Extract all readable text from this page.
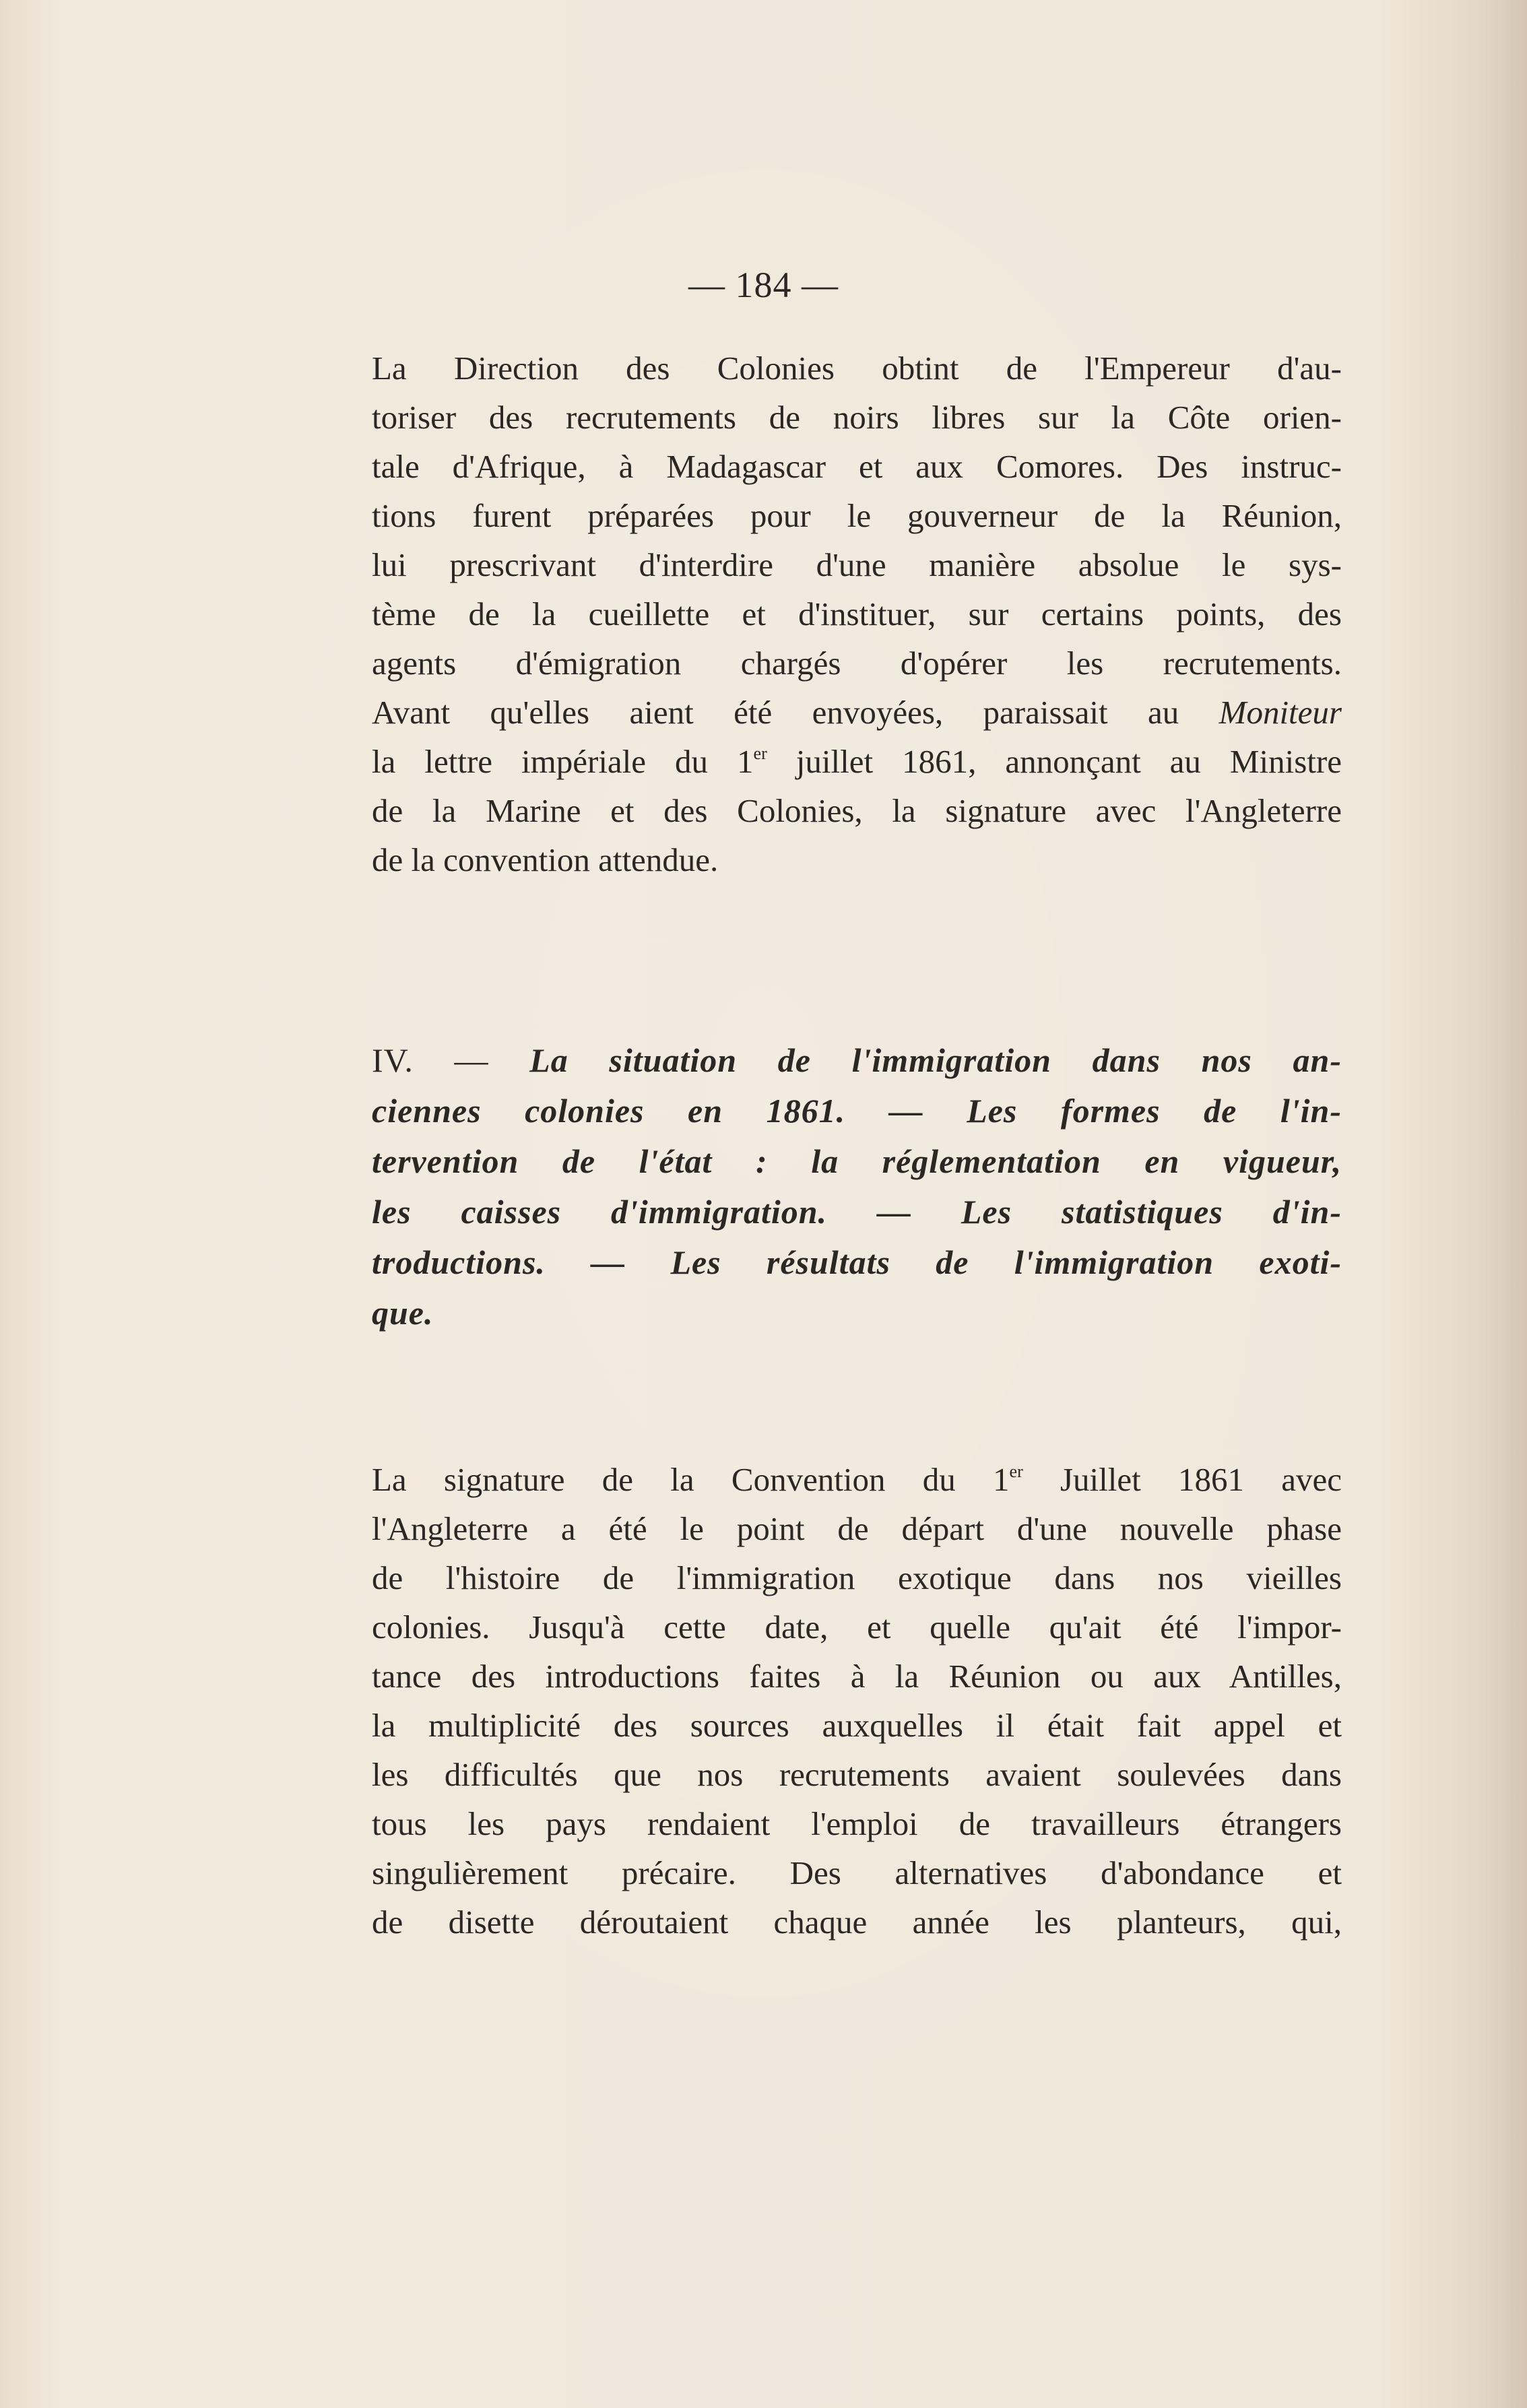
— 184 —
La Direction des Colonies obtint de l'Empereur d'au-
toriser des recrutements de noirs libres sur la Côte orien-
tale d'Afrique, à Madagascar et aux Comores. Des instruc-
tions furent préparées pour le gouverneur de la Réunion,
lui prescrivant d'interdire d'une manière absolue le sys-
tème de la cueillette et d'instituer, sur certains points, des
agents d'émigration chargés d'opérer les recrutements.
Avant qu'elles aient été envoyées, paraissait au Moniteur
la lettre impériale du 1er juillet 1861, annonçant au Ministre
de la Marine et des Colonies, la signature avec l'Angleterre
de la convention attendue.
IV. — La situation de l'immigration dans nos an-
ciennes colonies en 1861. — Les formes de l'in-
tervention de l'état : la réglementation en vigueur,
les caisses d'immigration. — Les statistiques d'in-
troductions. — Les résultats de l'immigration exoti-
que.
La signature de la Convention du 1er Juillet 1861 avec
l'Angleterre a été le point de départ d'une nouvelle phase
de l'histoire de l'immigration exotique dans nos vieilles
colonies. Jusqu'à cette date, et quelle qu'ait été l'impor-
tance des introductions faites à la Réunion ou aux Antilles,
la multiplicité des sources auxquelles il était fait appel et
les difficultés que nos recrutements avaient soulevées dans
tous les pays rendaient l'emploi de travailleurs étrangers
singulièrement précaire. Des alternatives d'abondance et
de disette déroutaient chaque année les planteurs, qui,
